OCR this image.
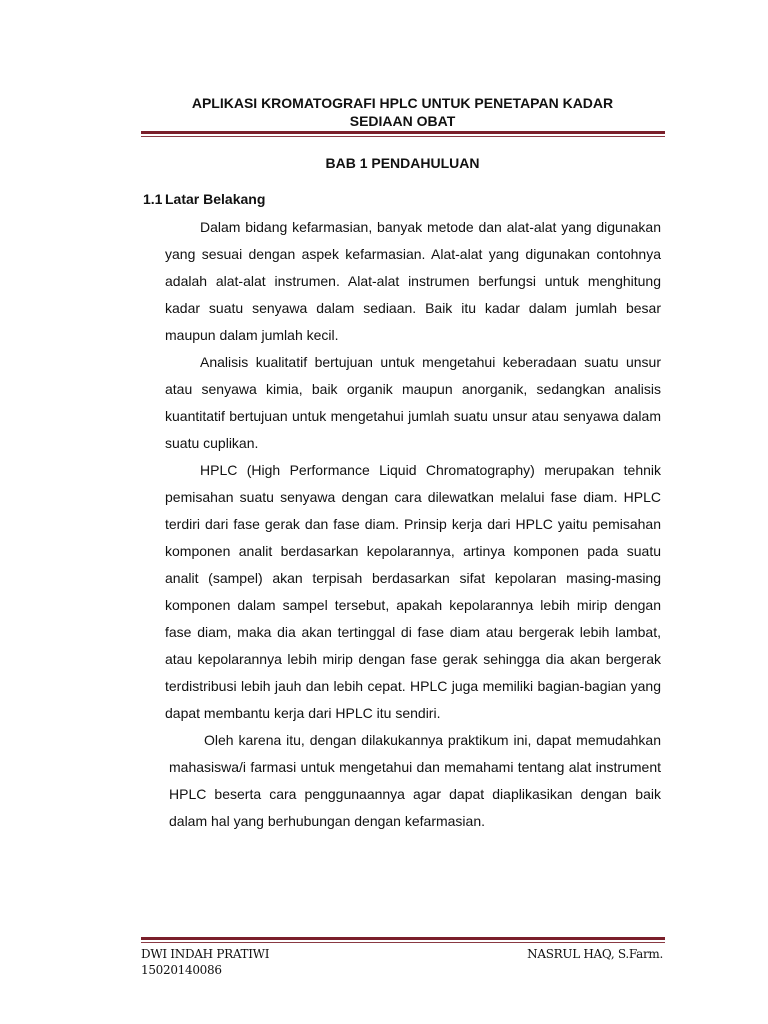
APLIKASI KROMATOGRAFI HPLC UNTUK PENETAPAN KADAR
SEDIAAN OBAT
BAB 1 PENDAHULUAN
1.1 Latar Belakang

Dalam bidang kefarmasian, banyak metode dan alat-alat yang digunakan yang sesuai dengan aspek kefarmasian. Alat-alat yang digunakan contohnya adalah alat-alat instrumen. Alat-alat instrumen berfungsi untuk menghitung kadar suatu senyawa dalam sediaan. Baik itu kadar dalam jumlah besar maupun dalam jumlah kecil.

Analisis kualitatif bertujuan untuk mengetahui keberadaan suatu unsur atau senyawa kimia, baik organik maupun anorganik, sedangkan analisis kuantitatif bertujuan untuk mengetahui jumlah suatu unsur atau senyawa dalam suatu cuplikan.

HPLC (High Performance Liquid Chromatography) merupakan tehnik pemisahan suatu senyawa dengan cara dilewatkan melalui fase diam. HPLC terdiri dari fase gerak dan fase diam. Prinsip kerja dari HPLC yaitu pemisahan komponen analit berdasarkan kepolarannya, artinya komponen pada suatu analit (sampel) akan terpisah berdasarkan sifat kepolaran masing-masing komponen dalam sampel tersebut, apakah kepolarannya lebih mirip dengan fase diam, maka dia akan tertinggal di fase diam atau bergerak lebih lambat, atau kepolarannya lebih mirip dengan fase gerak sehingga dia akan bergerak terdistribusi lebih jauh dan lebih cepat. HPLC juga memiliki bagian-bagian yang dapat membantu kerja dari HPLC itu sendiri.

Oleh karena itu, dengan dilakukannya praktikum ini, dapat memudahkan mahasiswa/i farmasi untuk mengetahui dan memahami tentang alat instrument HPLC beserta cara penggunaannya agar dapat diaplikasikan dengan baik dalam hal yang berhubungan dengan kefarmasian.

DWI INDAH PRATIWI
15020140086
NASRUL HAQ, S.Farm.
